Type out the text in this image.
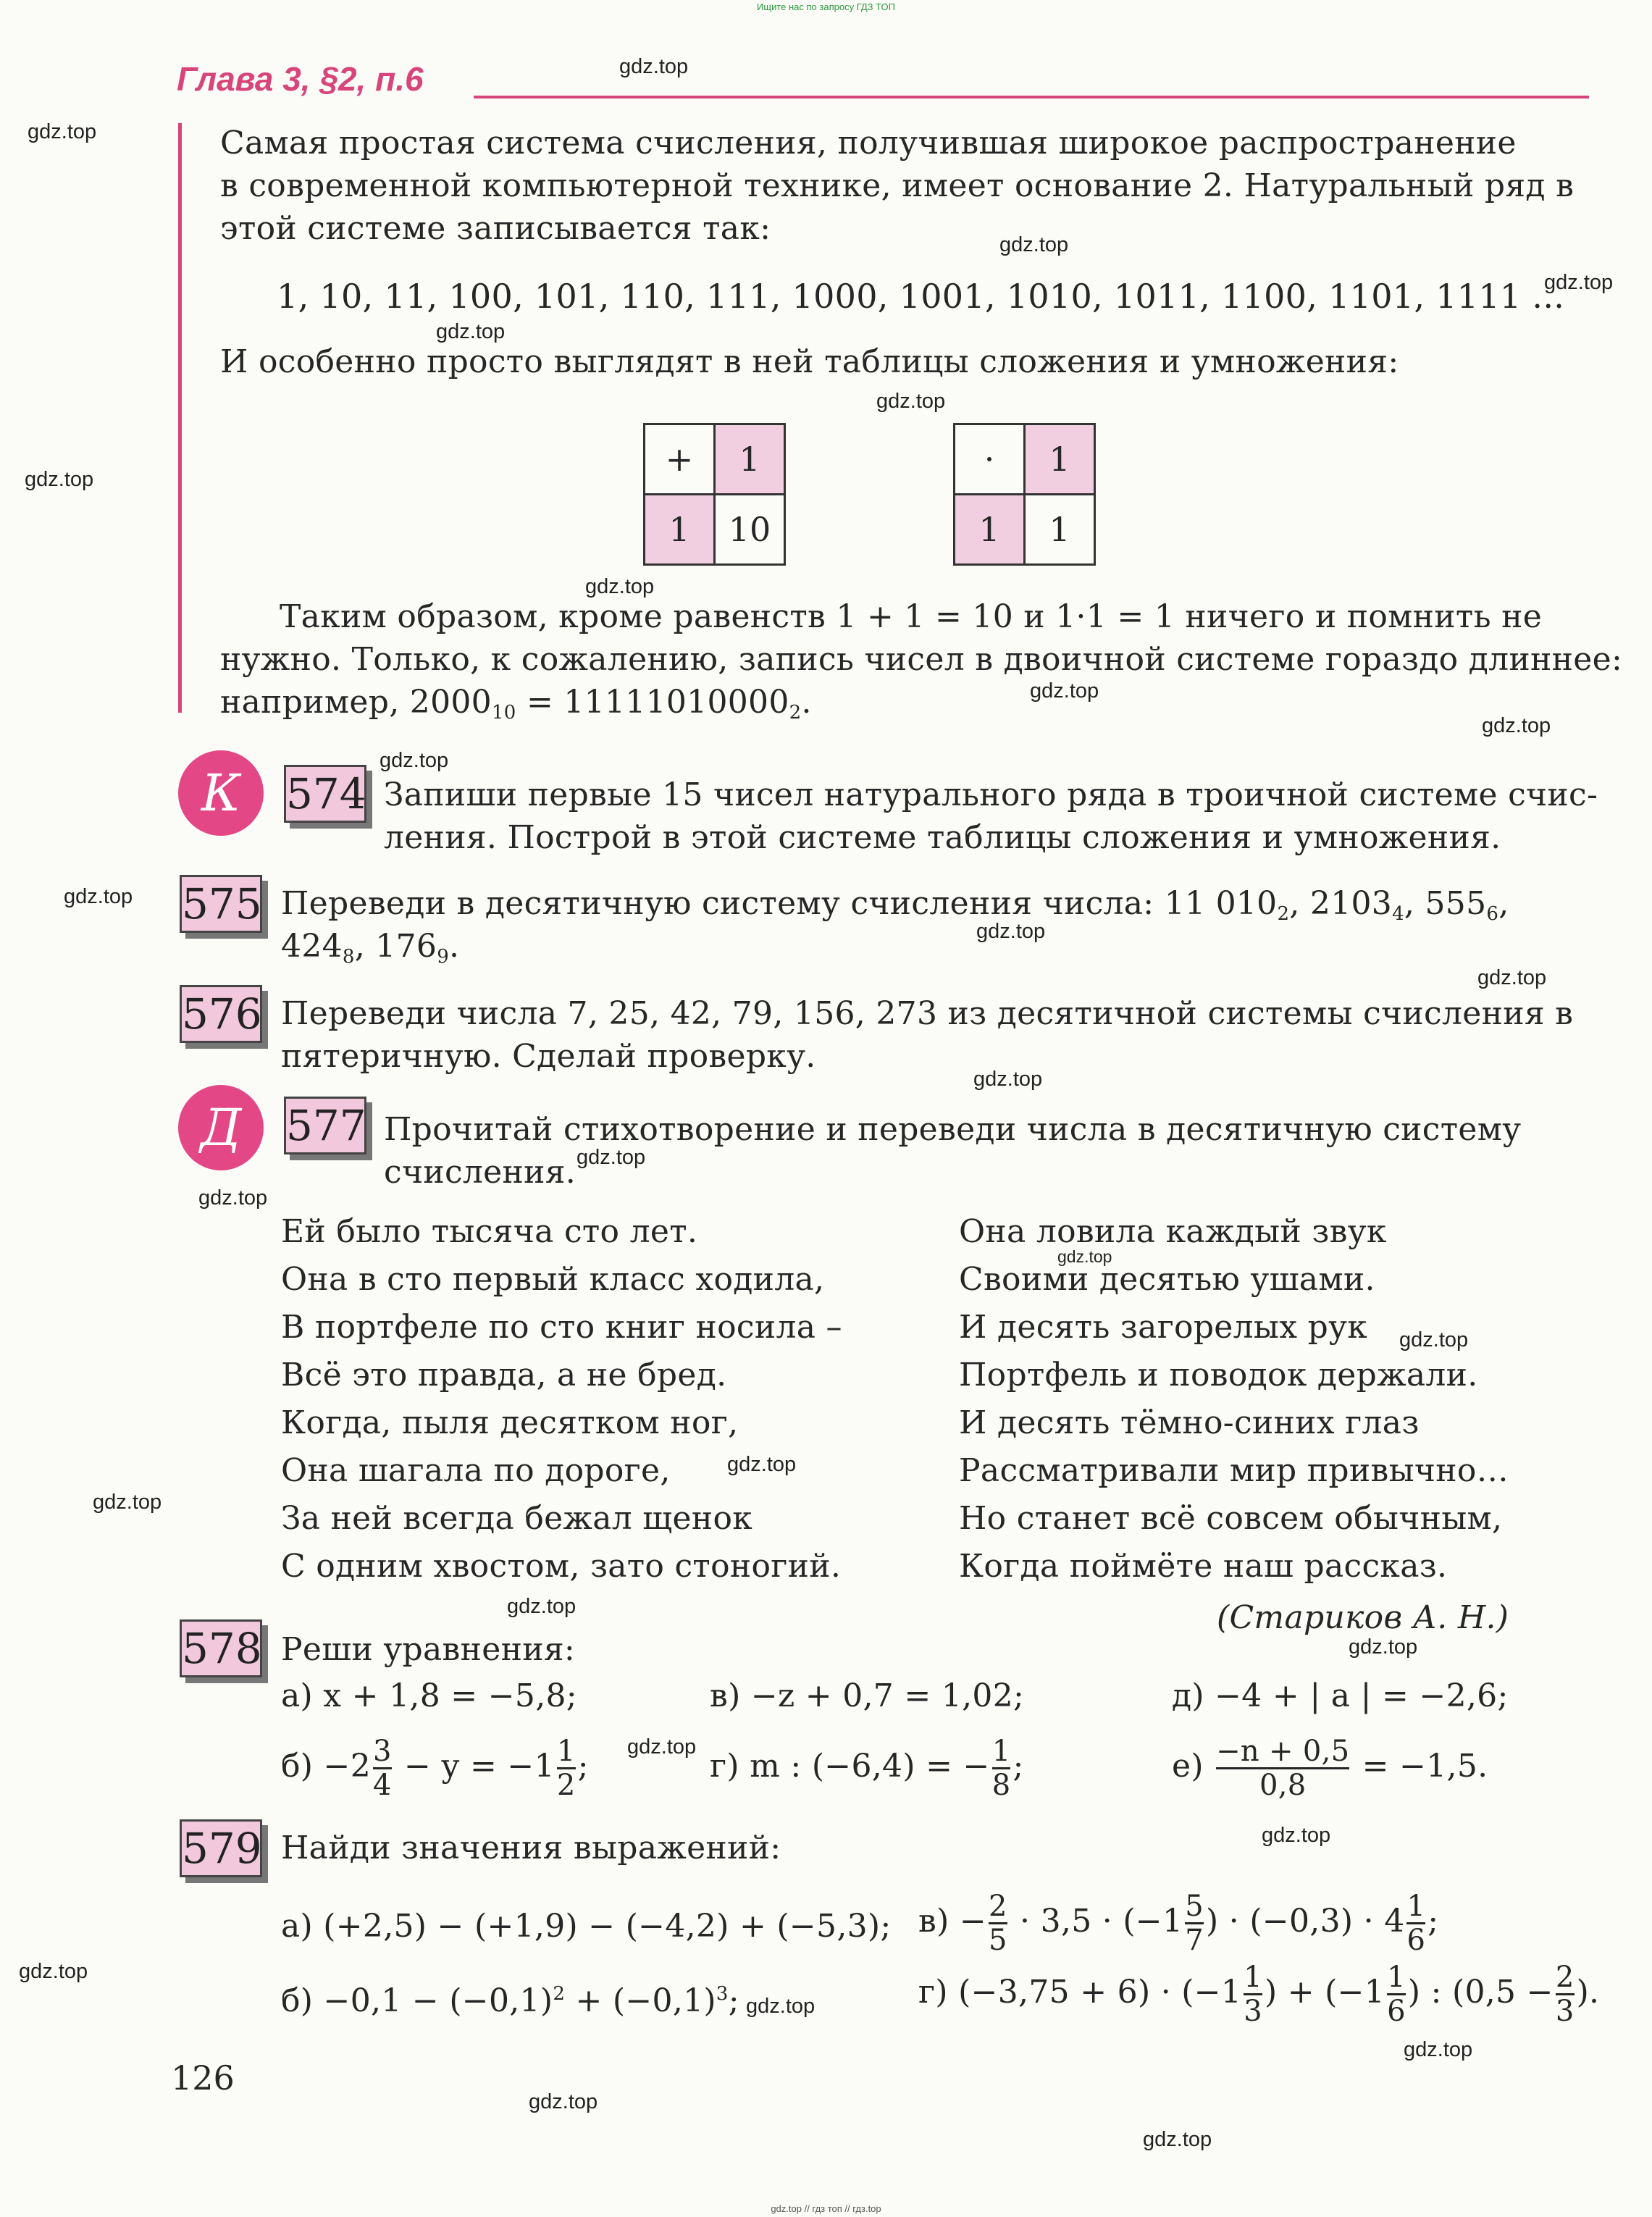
Ищите нас по запросу ГДЗ ТОП
Глава 3, §2, п.6
Самая простая система счисления, получившая широкое распространение
в современной компьютерной технике, имеет основание 2. Натуральный ряд в
этой системе записывается так:
1, 10, 11, 100, 101, 110, 111, 1000, 1001, 1010, 1011, 1100, 1101, 1111 ...
И особенно просто выглядят в ней таблицы сложения и умножения:
+	1
1	10
·	1
1	1
Таким образом, кроме равенств 1 + 1 = 10 и 1·1 = 1 ничего и помнить не
нужно. Только, к сожалению, запись чисел в двоичной системе гораздо длиннее:
например, $2000_{10} = 11111010000_2$.
К	574 Запиши первые 15 чисел натурального ряда в троичной системе счис-
ления. Построй в этой системе таблицы сложения и умножения.
575 Переведи в десятичную систему счисления числа: 11 $010_2$, $2103_4$, $555_6$,
$424_8$, $176_9$.
576 Переведи числа 7, 25, 42, 79, 156, 273 из десятичной системы счисления в
пятеричную. Сделай проверку.
Д	577 Прочитай стихотворение и переведи числа в десятичную систему
счисления.
Ей было тысяча сто лет.
Она в сто первый класс ходила,
В портфеле по сто книг носила –
Всё это правда, а не бред.
Когда, пыля десятком ног,
Она шагала по дороге,
За ней всегда бежал щенок
С одним хвостом, зато стоногий.
Она ловила каждый звук
Своими десятью ушами.
И десять загорелых рук
Портфель и поводок держали.
И десять тёмно-синих глаз
Рассматривали мир привычно…
Но станет всё совсем обычным,
Когда поймёте наш рассказ.
(Стариков А. Н.)
578 Реши уравнения:
а) x + 1,8 = −5,8;	в) −z + 0,7 = 1,02;	д) −4 + | a | = −2,6;
$б) -2 \frac{3}{4} - y = -1 \frac{1}{2}$ ;	г) m : (−6,4) = − $\frac{1}{8}$ ;	$е) \frac{-n + 0,5}{0,8} = -1,5$.
579 Найди значения выражений:
а) (+2,5) − (+1,9) − (−4,2) + (−5,3); $в) - \frac{2}{5} \cdot 3,5 \cdot (-1 \frac{5}{7}$ ) · $(-0,3) \cdot 4 \frac{1}{6}$ ;
$б) -0,1 - (-0,1)^2 + (-0,1)^3$;	г) $(-3,75 + 6) \cdot (-1 \frac{1}{3}$ ) + ($-1 \frac{1}{6}$ ) : ($0,5 - \frac{2}{3}$ ).
126
gdz.top
gdz.top
gdz.top
gdz.top
gdz.top
gdz.top
gdz.top
gdz.top
gdz.top
gdz.top
gdz.top
gdz.top
gdz.top
gdz.top
gdz.top
gdz.top
gdz.top
gdz.top
gdz.top
gdz.top
gdz.top
gdz.top
gdz.top
gdz.top
gdz.top
gdz.top
gdz.top
gdz.top
gdz.top
gdz.top
gdz.top // гдз топ // гдз.top
